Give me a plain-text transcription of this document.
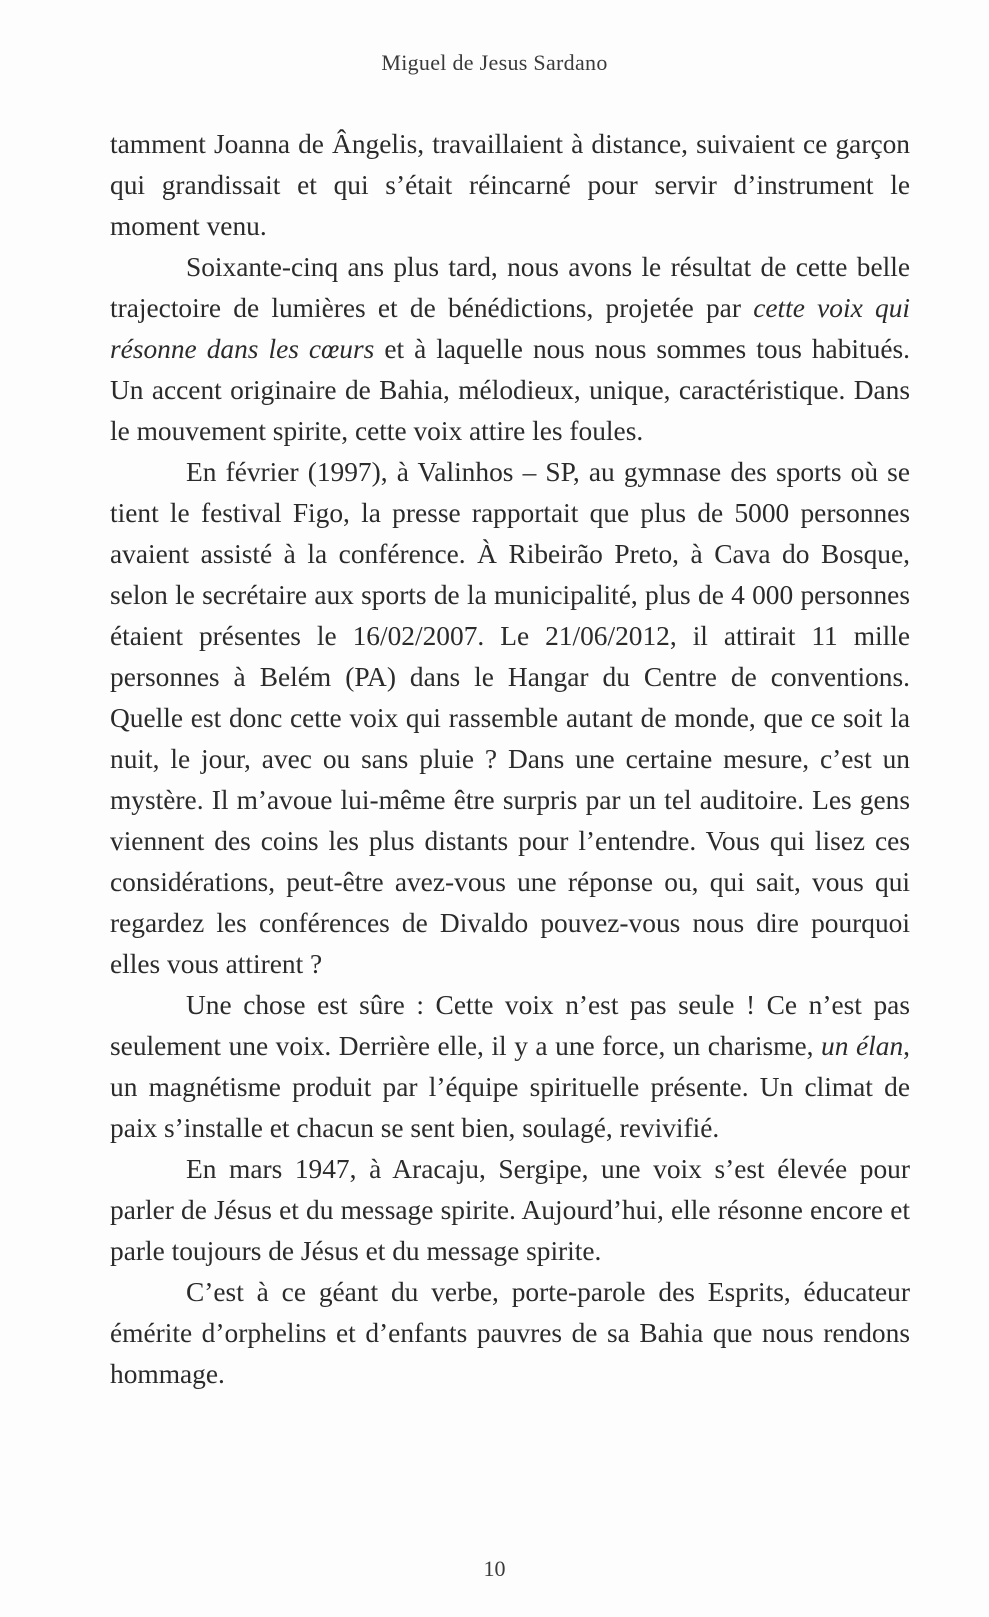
Miguel de Jesus Sardano

tamment Joanna de Ângelis, travaillaient à distance, suivaient ce garçon qui grandissait et qui s’était réincarné pour servir d’instrument le moment venu.

Soixante-cinq ans plus tard, nous avons le résultat de cette belle trajectoire de lumières et de bénédictions, projetée par cette voix qui résonne dans les cœurs et à laquelle nous nous sommes tous habitués. Un accent originaire de Bahia, mélodieux, unique, caractéristique. Dans le mouvement spirite, cette voix attire les foules.

En février (1997), à Valinhos – SP, au gymnase des sports où se tient le festival Figo, la presse rapportait que plus de 5000 personnes avaient assisté à la conférence. À Ribeirão Preto, à Cava do Bosque, selon le secrétaire aux sports de la municipalité, plus de 4 000 personnes étaient présentes le 16/02/2007. Le 21/06/2012, il attirait 11 mille personnes à Belém (PA) dans le Hangar du Centre de conventions. Quelle est donc cette voix qui rassemble autant de monde, que ce soit la nuit, le jour, avec ou sans pluie ? Dans une certaine mesure, c’est un mystère. Il m’avoue lui-même être surpris par un tel auditoire. Les gens viennent des coins les plus distants pour l’entendre. Vous qui lisez ces considérations, peut-être avez-vous une réponse ou, qui sait, vous qui regardez les conférences de Divaldo pouvez-vous nous dire pourquoi elles vous attirent ?

Une chose est sûre : Cette voix n’est pas seule ! Ce n’est pas seulement une voix. Derrière elle, il y a une force, un charisme, un élan, un magnétisme produit par l’équipe spirituelle présente. Un climat de paix s’installe et chacun se sent bien, soulagé, revivifié.

En mars 1947, à Aracaju, Sergipe, une voix s’est élevée pour parler de Jésus et du message spirite. Aujourd’hui, elle résonne encore et parle toujours de Jésus et du message spirite.

C’est à ce géant du verbe, porte-parole des Esprits, éducateur émérite d’orphelins et d’enfants pauvres de sa Bahia que nous rendons hommage.

10
